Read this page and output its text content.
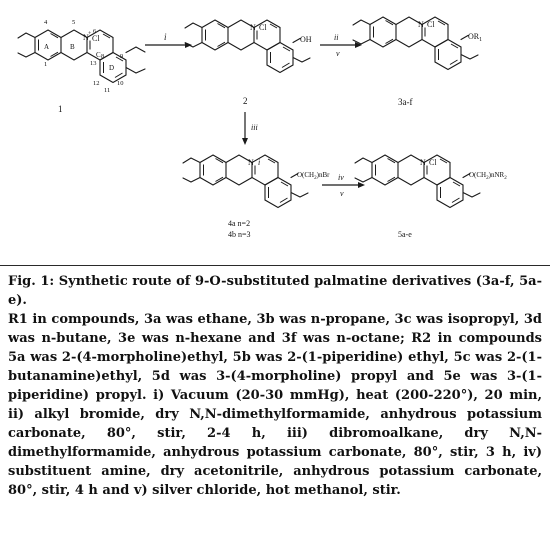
A	B
C
D
4	5
6
1
8 9
13
12	10
11
N + Cl
1
i	OH
N Cl
2
ii
v
$OR_1$
N Cl
3a-f
iii
$O(CH_2)nBr$
N i
4a n=2
4b n=3
iv
v
$O(CH_2)nNR_2$
N Cl
5a-e
Fig. 1: Synthetic route of 9-O-substituted palmatine derivatives (3a-f, 5a-e).
R1 in compounds, 3a was ethane, 3b was n-propane, 3c was isopropyl, 3d was n-butane, 3e was n-hexane and 3f was n-octane; R2 in compounds 5a was 2-(4-morpholine)ethyl, 5b was 2-(1-piperidine) ethyl, 5c was 2-(1-butanamine)ethyl, 5d was 3-(4-morpholine) propyl and 5e was 3-(1-piperidine) propyl. i) Vacuum (20-30 mmHg), heat (200-220°), 20 min, ii) alkyl bromide, dry N,N-dimethylformamide, anhydrous potassium carbonate, 80°, stir, 2-4 h, iii) dibromoalkane, dry N,N-dimethylformamide, anhydrous potassium carbonate, 80°, stir, 3 h, iv) substituent amine, dry acetonitrile, anhydrous potassium carbonate, 80°, stir, 4 h and v) silver chloride, hot methanol, stir.
